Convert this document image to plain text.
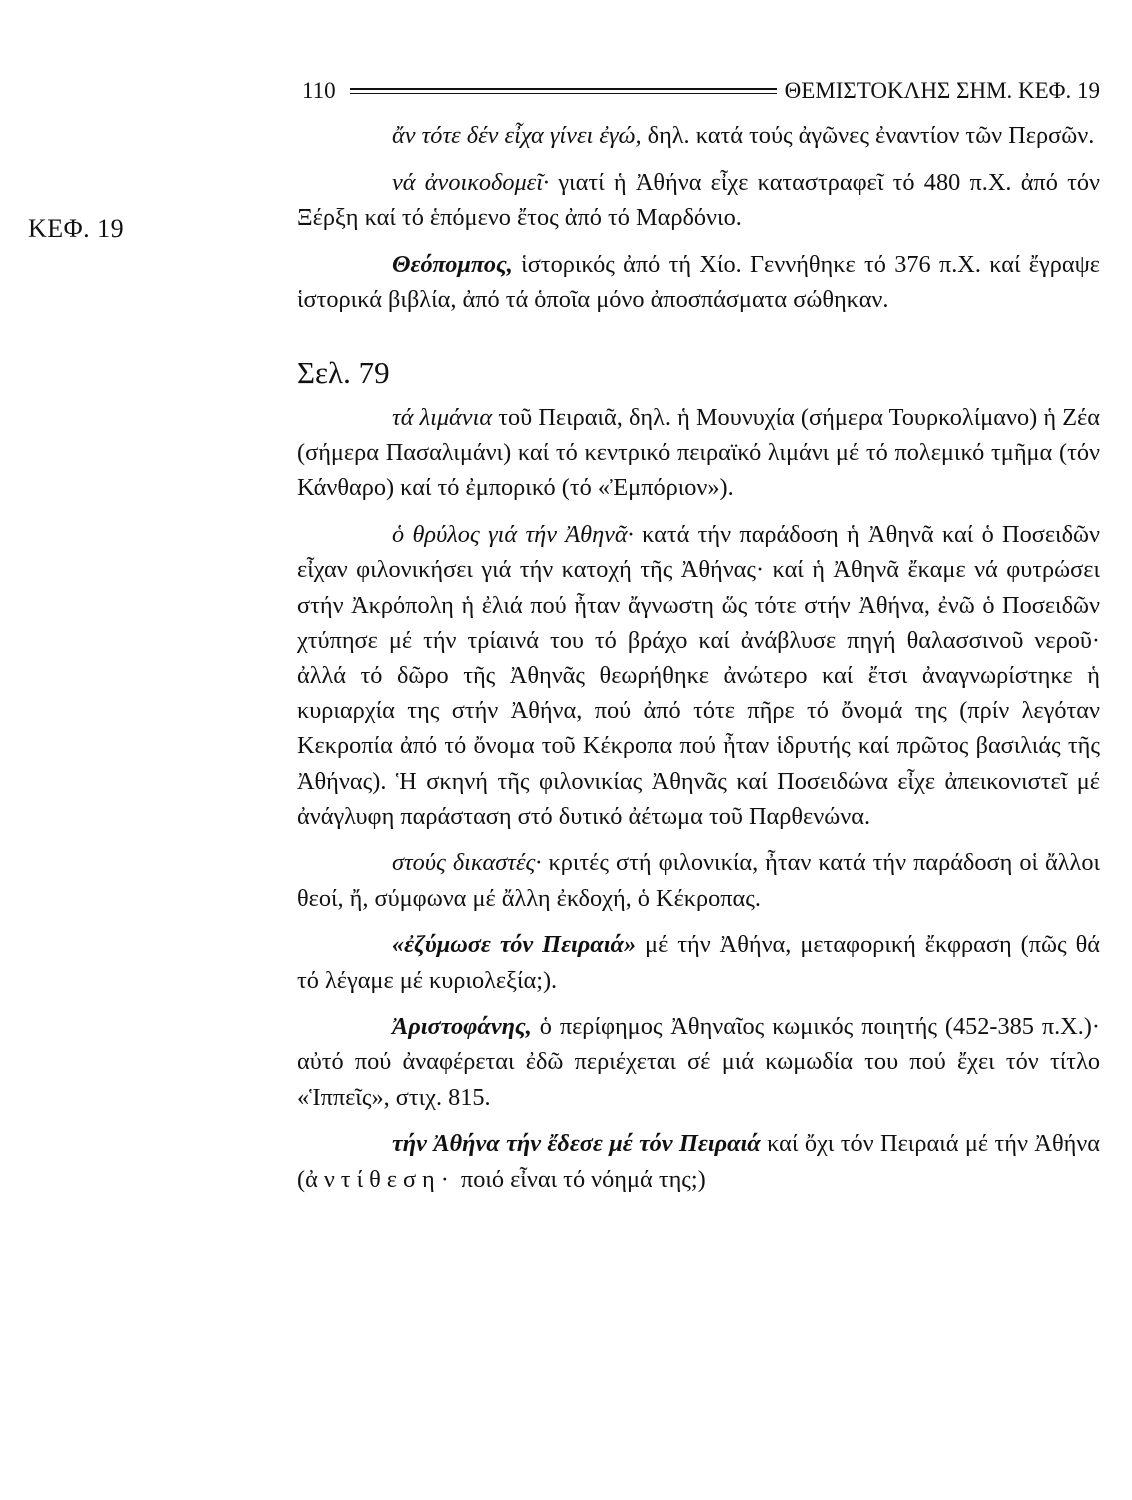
110	ΘΕΜΙΣΤΟΚΛΗΣ ΣΗΜ. ΚΕΦ. 19
ΚΕΦ. 19

ἄν τότε δέν εἶχα γίνει ἐγώ, δηλ. κατά τούς ἀγῶνες ἐναντίον τῶν Περσῶν.

νά ἀνοικοδομεῖ· γιατί ἡ Ἀθήνα εἶχε καταστραφεῖ τό 480 π.Χ. ἀπό τόν Ξέρξη καί τό ἑπόμενο ἔτος ἀπό τό Μαρδόνιο.

Θεόπομπος, ἱστορικός ἀπό τή Χίο. Γεννήθηκε τό 376 π.Χ. καί ἔγραψε ἱστορικά βιβλία, ἀπό τά ὁποῖα μόνο ἀποσπάσματα σώθηκαν.

Σελ. 79

τά λιμάνια τοῦ Πειραιᾶ, δηλ. ἡ Μουνυχία (σήμερα Τουρκολίμανο) ἡ Ζέα (σήμερα Πασαλιμάνι) καί τό κεντρικό πειραϊκό λιμάνι μέ τό πολεμικό τμῆμα (τόν Κάνθαρο) καί τό ἐμπορικό (τό «Ἐμπόριον»).

ὁ θρύλος γιά τήν Ἀθηνᾶ· κατά τήν παράδοση ἡ Ἀθηνᾶ καί ὁ Ποσειδῶν εἶχαν φιλονικήσει γιά τήν κατοχή τῆς Ἀθήνας· καί ἡ Ἀθηνᾶ ἔκαμε νά φυτρώσει στήν Ἀκρόπολη ἡ ἐλιά πού ἦταν ἄγνωστη ὥς τότε στήν Ἀθήνα, ἐνῶ ὁ Ποσειδῶν χτύπησε μέ τήν τρίαινά του τό βράχο καί ἀνάβλυσε πηγή θαλασσινοῦ νεροῦ· ἀλλά τό δῶρο τῆς Ἀθηνᾶς θεωρήθηκε ἀνώτερο καί ἔτσι ἀναγνωρίστηκε ἡ κυριαρχία της στήν Ἀθήνα, πού ἀπό τότε πῆρε τό ὄνομά της (πρίν λεγόταν Κεκροπία ἀπό τό ὄνομα τοῦ Κέκροπα πού ἦταν ἱδρυτής καί πρῶτος βασιλιάς τῆς Ἀθήνας). Ἡ σκηνή τῆς φιλονικίας Ἀθηνᾶς καί Ποσειδώνα εἶχε ἀπεικονιστεῖ μέ ἀνάγλυφη παράσταση στό δυτικό ἀέτωμα τοῦ Παρθενώνα.

στούς δικαστές· κριτές στή φιλονικία, ἦταν κατά τήν παράδοση οἱ ἄλλοι θεοί, ἤ, σύμφωνα μέ ἄλλη ἐκδοχή, ὁ Κέκροπας.

«ἐζύμωσε τόν Πειραιά» μέ τήν Ἀθήνα, μεταφορική ἔκφραση (πῶς θά τό λέγαμε μέ κυριολεξία;).

Ἀριστοφάνης, ὁ περίφημος Ἀθηναῖος κωμικός ποιητής (452-385 π.Χ.)· αὐτό πού ἀναφέρεται ἐδῶ περιέχεται σέ μιά κωμωδία του πού ἔχει τόν τίτλο «Ἱππεῖς», στιχ. 815.

τήν Ἀθήνα τήν ἔδεσε μέ τόν Πειραιά καί ὄχι τόν Πειραιά μέ τήν Ἀθήνα (ἀντίθεση· ποιό εἶναι τό νόημά της;)
